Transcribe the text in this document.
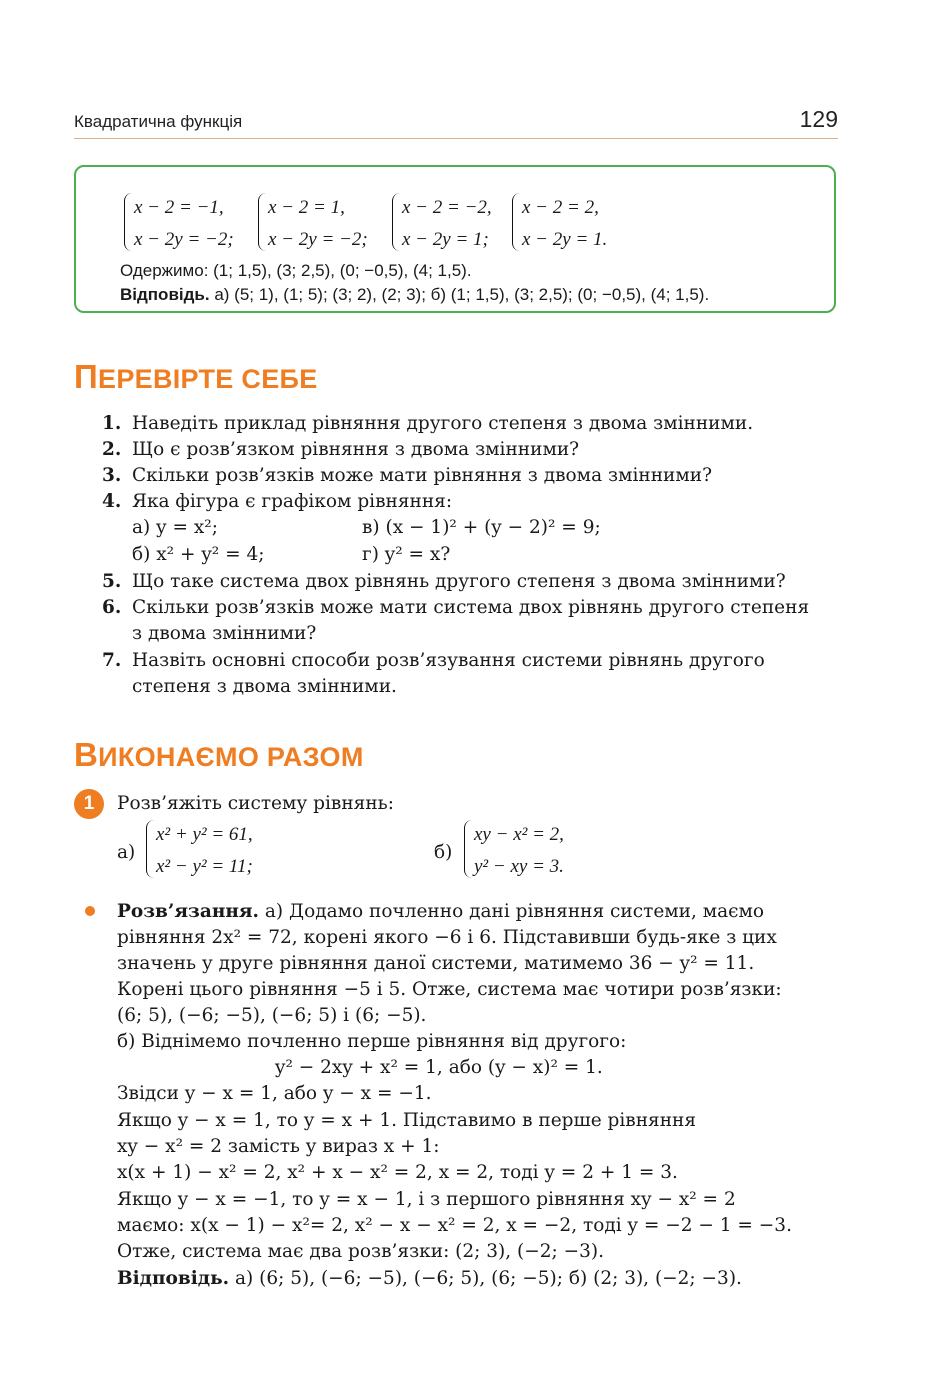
Квадратична функція	129
x − 2 = −1,
x − 2y = −2;
x − 2 = 1,
x − 2y = −2;
x − 2 = −2,
x − 2y = 1;
x − 2 = 2,
x − 2y = 1.
Одержимо: (1; 1,5), (3; 2,5), (0; −0,5), (4; 1,5).
Відповідь. а) (5; 1), (1; 5); (3; 2), (2; 3); б) (1; 1,5), (3; 2,5); (0; −0,5), (4; 1,5).
ПЕРЕВІРТЕ СЕБЕ
1. Наведіть приклад рівняння другого степеня з двома змінними.
2. Що є розв’язком рівняння з двома змінними?
3. Скільки розв’язків може мати рівняння з двома змінними?
4. Яка фігура є графіком рівняння:
а) y = x²;	в) (x − 1)² + (y − 2)² = 9;
б) x² + y² = 4;	г) y² = x?
5. Що таке система двох рівнянь другого степеня з двома змінними?
6. Скільки розв’язків може мати система двох рівнянь другого степеня
з двома змінними?
7. Назвіть основні способи розв’язування системи рівнянь другого
степеня з двома змінними.
ВИКОНАЄМО РАЗОМ
1	Розв’яжіть систему рівнянь:
а)
x² + y² = 61,
x² − y² = 11;
б)
xy − x² = 2,
y² − xy = 3.
Розв’язання. а) Додамо почленно дані рівняння системи, маємо
рівняння 2x² = 72, корені якого −6 і 6. Підставивши будь-яке з цих
значень у друге рівняння даної системи, матимемо 36 − y² = 11.
Корені цього рівняння −5 і 5. Отже, система має чотири розв’язки:
(6; 5), (−6; −5), (−6; 5) і (6; −5).
б) Віднімемо почленно перше рівняння від другого:
y² − 2xy + x² = 1, або (y − x)² = 1.
Звідси y − x = 1, або y − x = −1.
Якщо y − x = 1, то y = x + 1. Підставимо в перше рівняння
xy − x² = 2 замість y вираз x + 1:
x(x + 1) − x² = 2, x² + x − x² = 2, x = 2, тоді y = 2 + 1 = 3.
Якщо y − x = −1, то y = x − 1, і з першого рівняння xy − x² = 2
маємо: x(x − 1) − x²= 2, x² − x − x² = 2, x = −2, тоді y = −2 − 1 = −3.
Отже, система має два розв’язки: (2; 3), (−2; −3).
Відповідь. а) (6; 5), (−6; −5), (−6; 5), (6; −5); б) (2; 3), (−2; −3).
